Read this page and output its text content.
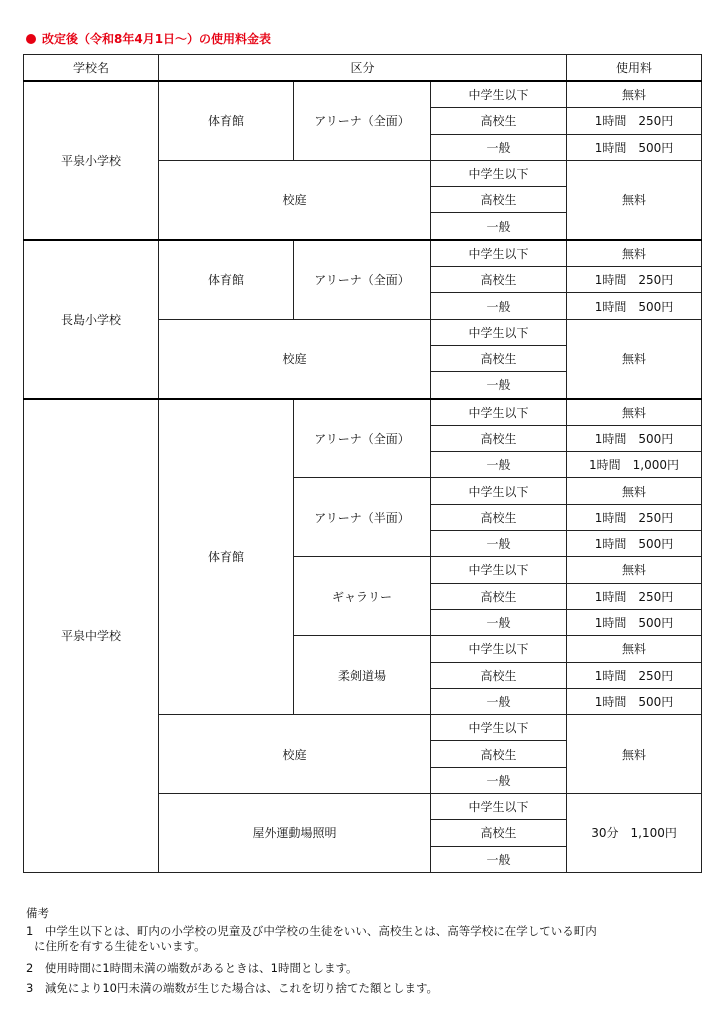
改定後（令和8年4月1日～）の使用料金表
学校名	区分			使用料
平泉小学校	体育館	アリーナ（全面）	中学生以下	無料
			高校生	1時間　250円
			一般	1時間　500円
	校庭		中学生以下	無料
			高校生	
			一般	
長島小学校	体育館	アリーナ（全面）	中学生以下	無料
			高校生	1時間　250円
			一般	1時間　500円
	校庭		中学生以下	無料
			高校生	
			一般	
平泉中学校	体育館	アリーナ（全面）	中学生以下	無料
			高校生	1時間　500円
			一般	1時間　1,000円
		アリーナ（半面）	中学生以下	無料
			高校生	1時間　250円
			一般	1時間　500円
		ギャラリー	中学生以下	無料
			高校生	1時間　250円
			一般	1時間　500円
		柔剣道場	中学生以下	無料
			高校生	1時間　250円
			一般	1時間　500円
	校庭		中学生以下	無料
			高校生	
			一般	
	屋外運動場照明		中学生以下	30分　1,100円
			高校生	
			一般	
備考
1　中学生以下とは、町内の小学校の児童及び中学校の生徒をいい、高校生とは、高等学校に在学している町内
に住所を有する生徒をいいます。
2　使用時間に1時間未満の端数があるときは、1時間とします。
3　減免により10円未満の端数が生じた場合は、これを切り捨てた額とします。
